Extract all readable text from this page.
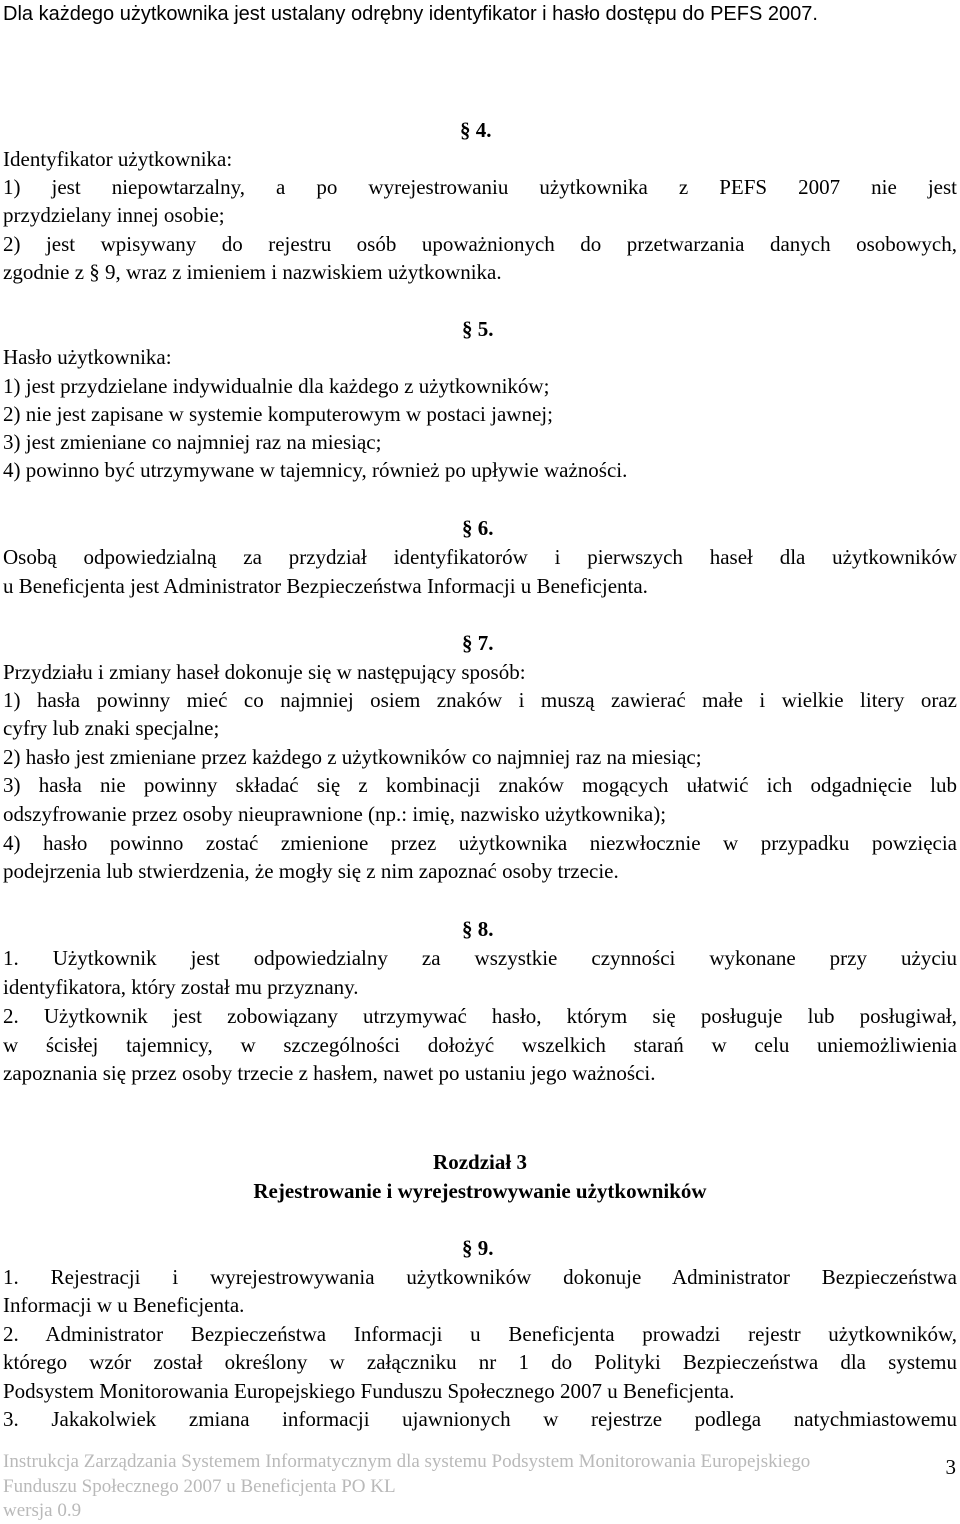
Dla każdego użytkownika jest ustalany odrębny identyfikator i hasło dostępu do PEFS 2007.
§ 4.
Identyfikator użytkownika:
1) jest niepowtarzalny, a po wyrejestrowaniu użytkownika z PEFS 2007 nie jest
przydzielany innej osobie;
2) jest wpisywany do rejestru osób upoważnionych do przetwarzania danych osobowych,
zgodnie z § 9, wraz z imieniem i nazwiskiem użytkownika.
§ 5.
Hasło użytkownika:
1) jest przydzielane indywidualnie dla każdego z użytkowników;
2) nie jest zapisane w systemie komputerowym w postaci jawnej;
3) jest zmieniane co najmniej raz na miesiąc;
4) powinno być utrzymywane w tajemnicy, również po upływie ważności.
§ 6.
Osobą odpowiedzialną za przydział identyfikatorów i pierwszych haseł dla użytkowników
u Beneficjenta jest Administrator Bezpieczeństwa Informacji u Beneficjenta.
§ 7.
Przydziału i zmiany haseł dokonuje się w następujący sposób:
1) hasła powinny mieć co najmniej osiem znaków i muszą zawierać małe i wielkie litery oraz
cyfry lub znaki specjalne;
2) hasło jest zmieniane przez każdego z użytkowników co najmniej raz na miesiąc;
3) hasła nie powinny składać się z kombinacji znaków mogących ułatwić ich odgadnięcie lub
odszyfrowanie przez osoby nieuprawnione (np.: imię, nazwisko użytkownika);
4) hasło powinno zostać zmienione przez użytkownika niezwłocznie w przypadku powzięcia
podejrzenia lub stwierdzenia, że mogły się z nim zapoznać osoby trzecie.
§ 8.
1. Użytkownik jest odpowiedzialny za wszystkie czynności wykonane przy użyciu
identyfikatora, który został mu przyznany.
2. Użytkownik jest zobowiązany utrzymywać hasło, którym się posługuje lub posługiwał,
w ścisłej tajemnicy, w szczególności dołożyć wszelkich starań w celu uniemożliwienia
zapoznania się przez osoby trzecie z hasłem, nawet po ustaniu jego ważności.
Rozdział 3
Rejestrowanie i wyrejestrowywanie użytkowników
§ 9.
1. Rejestracji i wyrejestrowywania użytkowników dokonuje Administrator Bezpieczeństwa
Informacji w u Beneficjenta.
2. Administrator Bezpieczeństwa Informacji u Beneficjenta prowadzi rejestr użytkowników,
którego wzór został określony w załączniku nr 1 do Polityki Bezpieczeństwa dla systemu
Podsystem Monitorowania Europejskiego Funduszu Społecznego 2007 u Beneficjenta.
3. Jakakolwiek zmiana informacji ujawnionych w rejestrze podlega natychmiastowemu
Instrukcja Zarządzania Systemem Informatycznym dla systemu Podsystem Monitorowania Europejskiego
Funduszu Społecznego 2007 u Beneficjenta PO KL
wersja 0.9
3
